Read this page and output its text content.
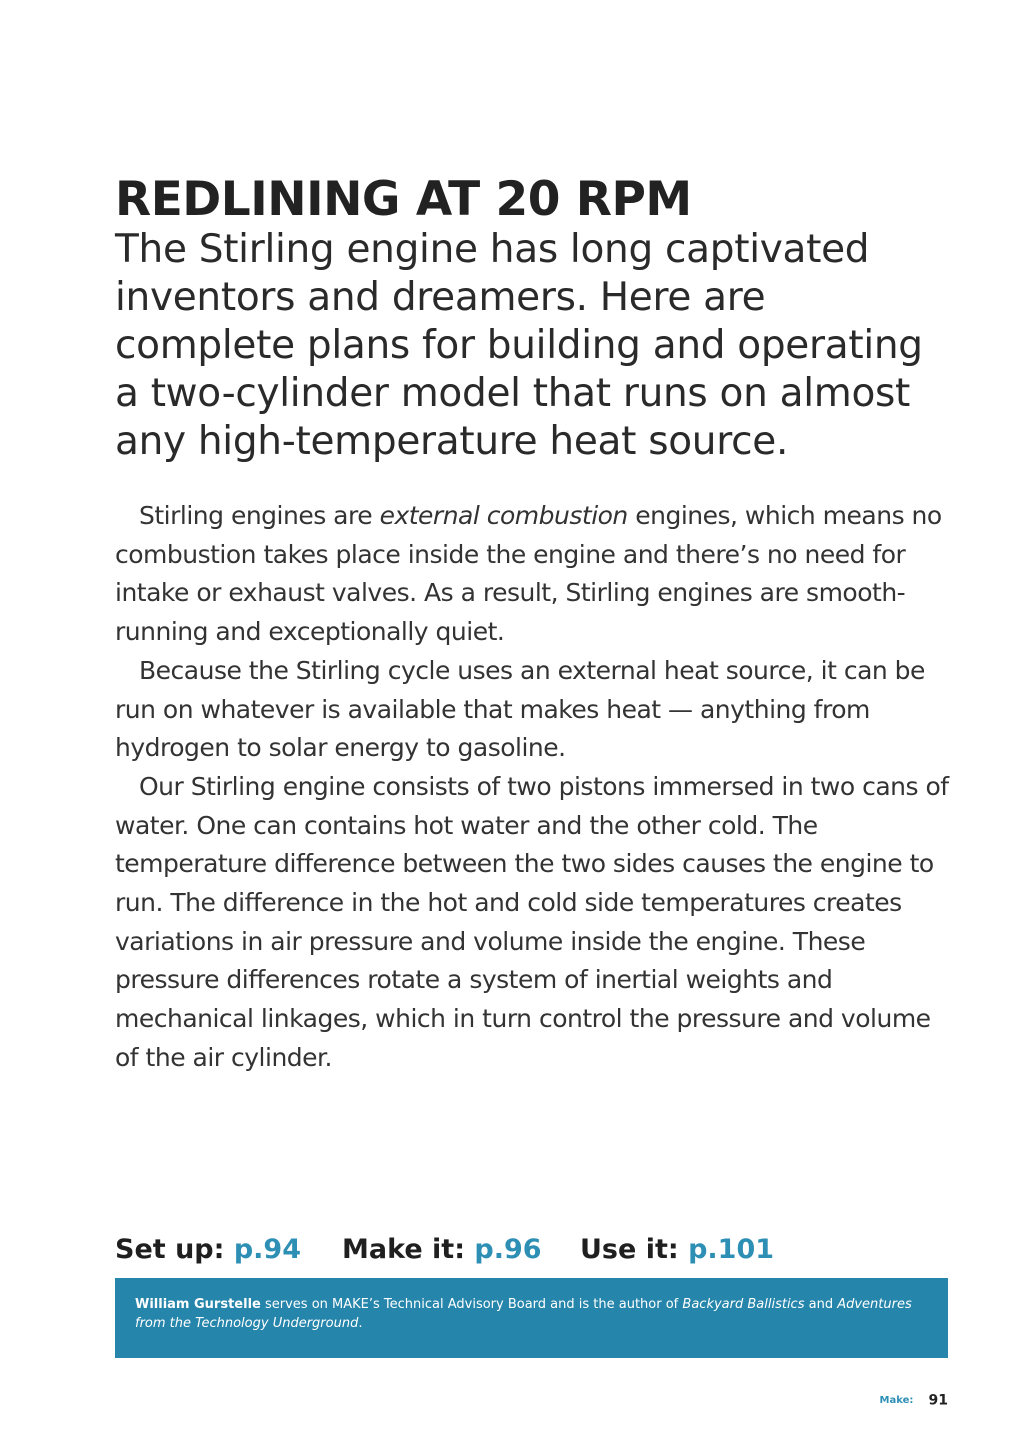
REDLINING AT 20 RPM
The Stirling engine has long captivated inventors and dreamers. Here are complete plans for building and operating a two-cylinder model that runs on almost any high-temperature heat source.

Stirling engines are external combustion engines, which means no combustion takes place inside the engine and there’s no need for intake or exhaust valves. As a result, Stirling engines are smooth-running and exceptionally quiet.

Because the Stirling cycle uses an external heat source, it can be run on whatever is available that makes heat — anything from hydrogen to solar energy to gasoline.

Our Stirling engine consists of two pistons immersed in two cans of water. One can contains hot water and the other cold. The temperature difference between the two sides causes the engine to run. The difference in the hot and cold side temperatures creates variations in air pressure and volume inside the engine. These pressure differences rotate a system of inertial weights and mechanical linkages, which in turn control the pressure and volume of the air cylinder.

Set up: p.94 Make it: p.96 Use it: p.101
William Gurstelle serves on MAKE’s Technical Advisory Board and is the author of Backyard Ballistics and Adventures from the Technology Underground.
Make: 91
